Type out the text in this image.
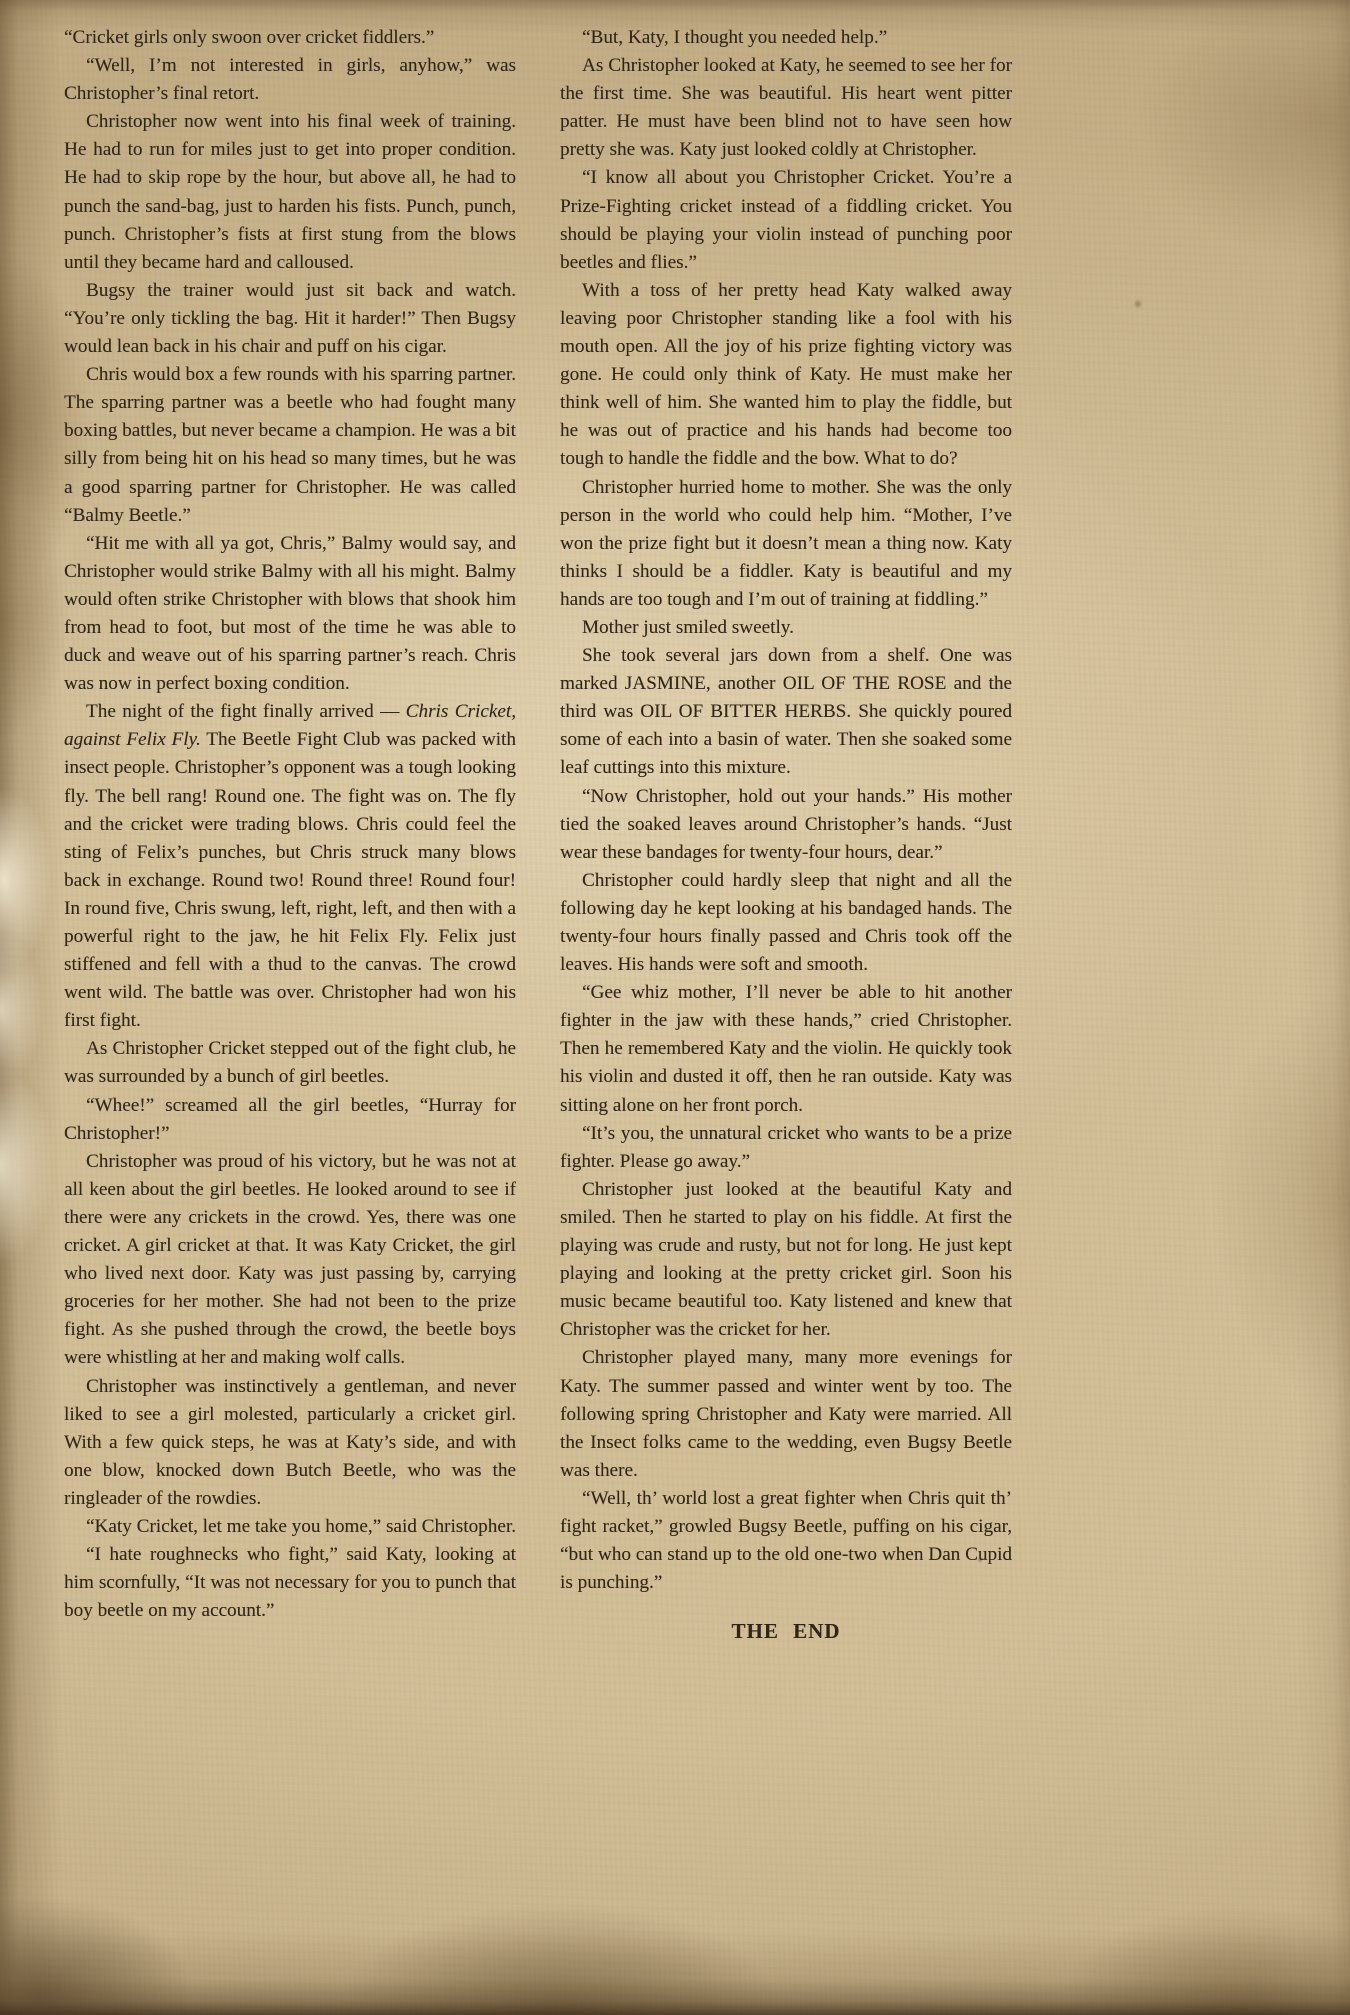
“Cricket girls only swoon over cricket fiddlers.”

“Well, I’m not interested in girls, anyhow,” was Christopher’s final retort.

Christopher now went into his final week of training. He had to run for miles just to get into proper condition. He had to skip rope by the hour, but above all, he had to punch the sand-bag, just to harden his fists. Punch, punch, punch. Christopher’s fists at first stung from the blows until they became hard and calloused.

Bugsy the trainer would just sit back and watch. “You’re only tickling the bag. Hit it harder!” Then Bugsy would lean back in his chair and puff on his cigar.

Chris would box a few rounds with his sparring partner. The sparring partner was a beetle who had fought many boxing battles, but never became a champion. He was a bit silly from being hit on his head so many times, but he was a good sparring partner for Christopher. He was called “Balmy Beetle.”

“Hit me with all ya got, Chris,” Balmy would say, and Christopher would strike Balmy with all his might. Balmy would often strike Christopher with blows that shook him from head to foot, but most of the time he was able to duck and weave out of his sparring partner’s reach. Chris was now in perfect boxing condition.

The night of the fight finally arrived — Chris Cricket, against Felix Fly. The Beetle Fight Club was packed with insect people. Christopher’s opponent was a tough looking fly. The bell rang! Round one. The fight was on. The fly and the cricket were trading blows. Chris could feel the sting of Felix’s punches, but Chris struck many blows back in exchange. Round two! Round three! Round four! In round five, Chris swung, left, right, left, and then with a powerful right to the jaw, he hit Felix Fly. Felix just stiffened and fell with a thud to the canvas. The crowd went wild. The battle was over. Christopher had won his first fight.

As Christopher Cricket stepped out of the fight club, he was surrounded by a bunch of girl beetles.

“Whee!” screamed all the girl beetles, “Hurray for Christopher!”

Christopher was proud of his victory, but he was not at all keen about the girl beetles. He looked around to see if there were any crickets in the crowd. Yes, there was one cricket. A girl cricket at that. It was Katy Cricket, the girl who lived next door. Katy was just passing by, carrying groceries for her mother. She had not been to the prize fight. As she pushed through the crowd, the beetle boys were whistling at her and making wolf calls.

Christopher was instinctively a gentleman, and never liked to see a girl molested, particularly a cricket girl. With a few quick steps, he was at Katy’s side, and with one blow, knocked down Butch Beetle, who was the ringleader of the rowdies.

“Katy Cricket, let me take you home,” said Christopher.

“I hate roughnecks who fight,” said Katy, looking at him scornfully, “It was not necessary for you to punch that boy beetle on my account.”

“But, Katy, I thought you needed help.”

As Christopher looked at Katy, he seemed to see her for the first time. She was beautiful. His heart went pitter patter. He must have been blind not to have seen how pretty she was. Katy just looked coldly at Christopher.

“I know all about you Christopher Cricket. You’re a Prize-Fighting cricket instead of a fiddling cricket. You should be playing your violin instead of punching poor beetles and flies.”

With a toss of her pretty head Katy walked away leaving poor Christopher standing like a fool with his mouth open. All the joy of his prize fighting victory was gone. He could only think of Katy. He must make her think well of him. She wanted him to play the fiddle, but he was out of practice and his hands had become too tough to handle the fiddle and the bow. What to do?

Christopher hurried home to mother. She was the only person in the world who could help him. “Mother, I’ve won the prize fight but it doesn’t mean a thing now. Katy thinks I should be a fiddler. Katy is beautiful and my hands are too tough and I’m out of training at fiddling.”

Mother just smiled sweetly.

She took several jars down from a shelf. One was marked JASMINE, another OIL OF THE ROSE and the third was OIL OF BITTER HERBS. She quickly poured some of each into a basin of water. Then she soaked some leaf cuttings into this mixture.

“Now Christopher, hold out your hands.” His mother tied the soaked leaves around Christopher’s hands. “Just wear these bandages for twenty-four hours, dear.”

Christopher could hardly sleep that night and all the following day he kept looking at his bandaged hands. The twenty-four hours finally passed and Chris took off the leaves. His hands were soft and smooth.

“Gee whiz mother, I’ll never be able to hit another fighter in the jaw with these hands,” cried Christopher. Then he remembered Katy and the violin. He quickly took his violin and dusted it off, then he ran outside. Katy was sitting alone on her front porch.

“It’s you, the unnatural cricket who wants to be a prize fighter. Please go away.”

Christopher just looked at the beautiful Katy and smiled. Then he started to play on his fiddle. At first the playing was crude and rusty, but not for long. He just kept playing and looking at the pretty cricket girl. Soon his music became beautiful too. Katy listened and knew that Christopher was the cricket for her.

Christopher played many, many more evenings for Katy. The summer passed and winter went by too. The following spring Christopher and Katy were married. All the Insect folks came to the wedding, even Bugsy Beetle was there.

“Well, th’ world lost a great fighter when Chris quit th’ fight racket,” growled Bugsy Beetle, puffing on his cigar, “but who can stand up to the old one-two when Dan Cupid is punching.”

THE END
